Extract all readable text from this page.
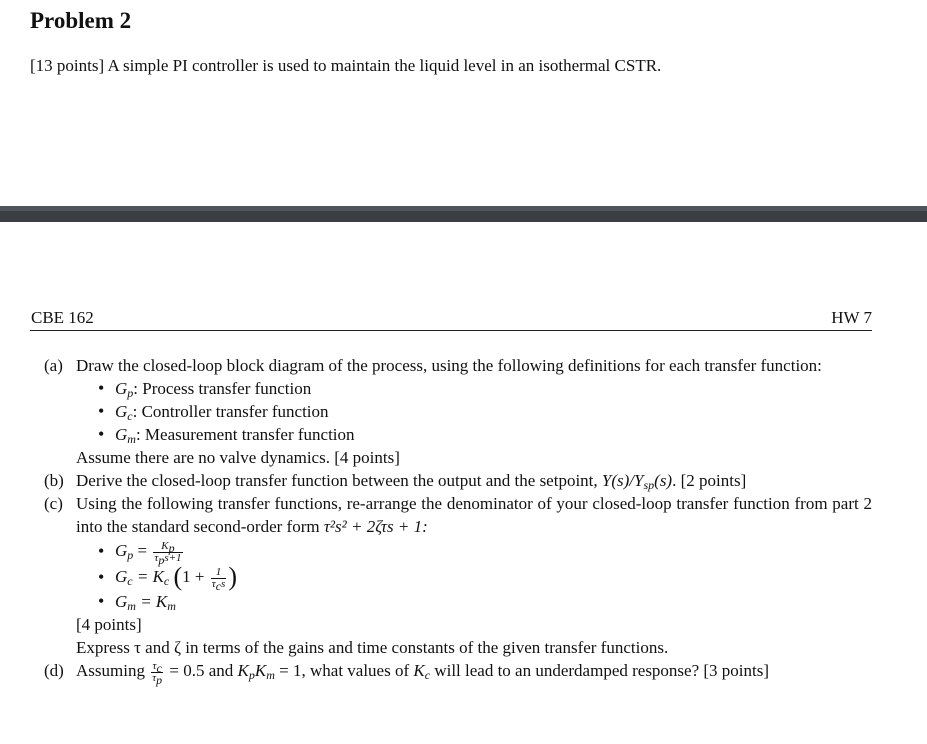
Problem 2
[13 points] A simple PI controller is used to maintain the liquid level in an isothermal CSTR.
CBE 162	HW 7
(a) Draw the closed-loop block diagram of the process, using the following definitions for each transfer function:
• $G_p$: Process transfer function
• $G_c$: Controller transfer function
• $G_m$: Measurement transfer function
Assume there are no valve dynamics. [4 points]
(b) Derive the closed-loop transfer function between the output and the setpoint, $Y(s)/Y_{sp}(s)$. [2 points]
(c) Using the following transfer functions, re-arrange the denominator of your closed-loop transfer function from part 2 into the standard second-order form τ²s² + 2ζτs + 1:
• $G_p = \frac{K_p}{\tau_ps+1}$
• $G_c = K_c$ ($1 + \frac{1}{\tau_cs}$ )
• $G_m = K_m$
[4 points]
Express τ and ζ in terms of the gains and time constants of the given transfer functions.
(d) Assuming $\frac{\tau_c}{\tau_p} = 0.5$ and $K_pK_m = 1$, what values of $K_c$ will lead to an underdamped response? [3 points]
